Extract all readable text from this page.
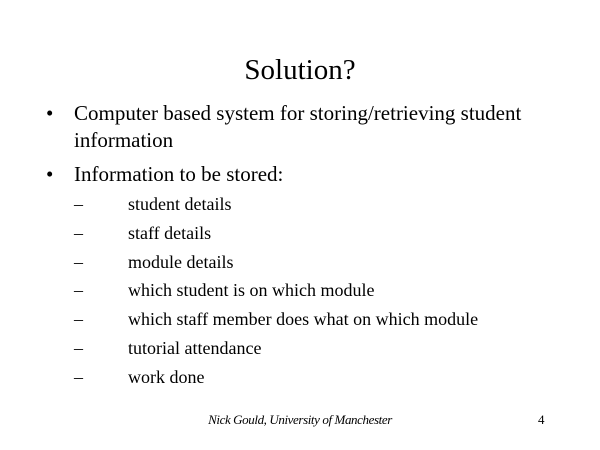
Solution?
• Computer based system for storing/retrieving student information
• Information to be stored:
–	student details
–	staff details
–	module details
–	which student is on which module
–	which staff member does what on which module
–	tutorial attendance
–	work done
Nick Gould, University of Manchester	4
